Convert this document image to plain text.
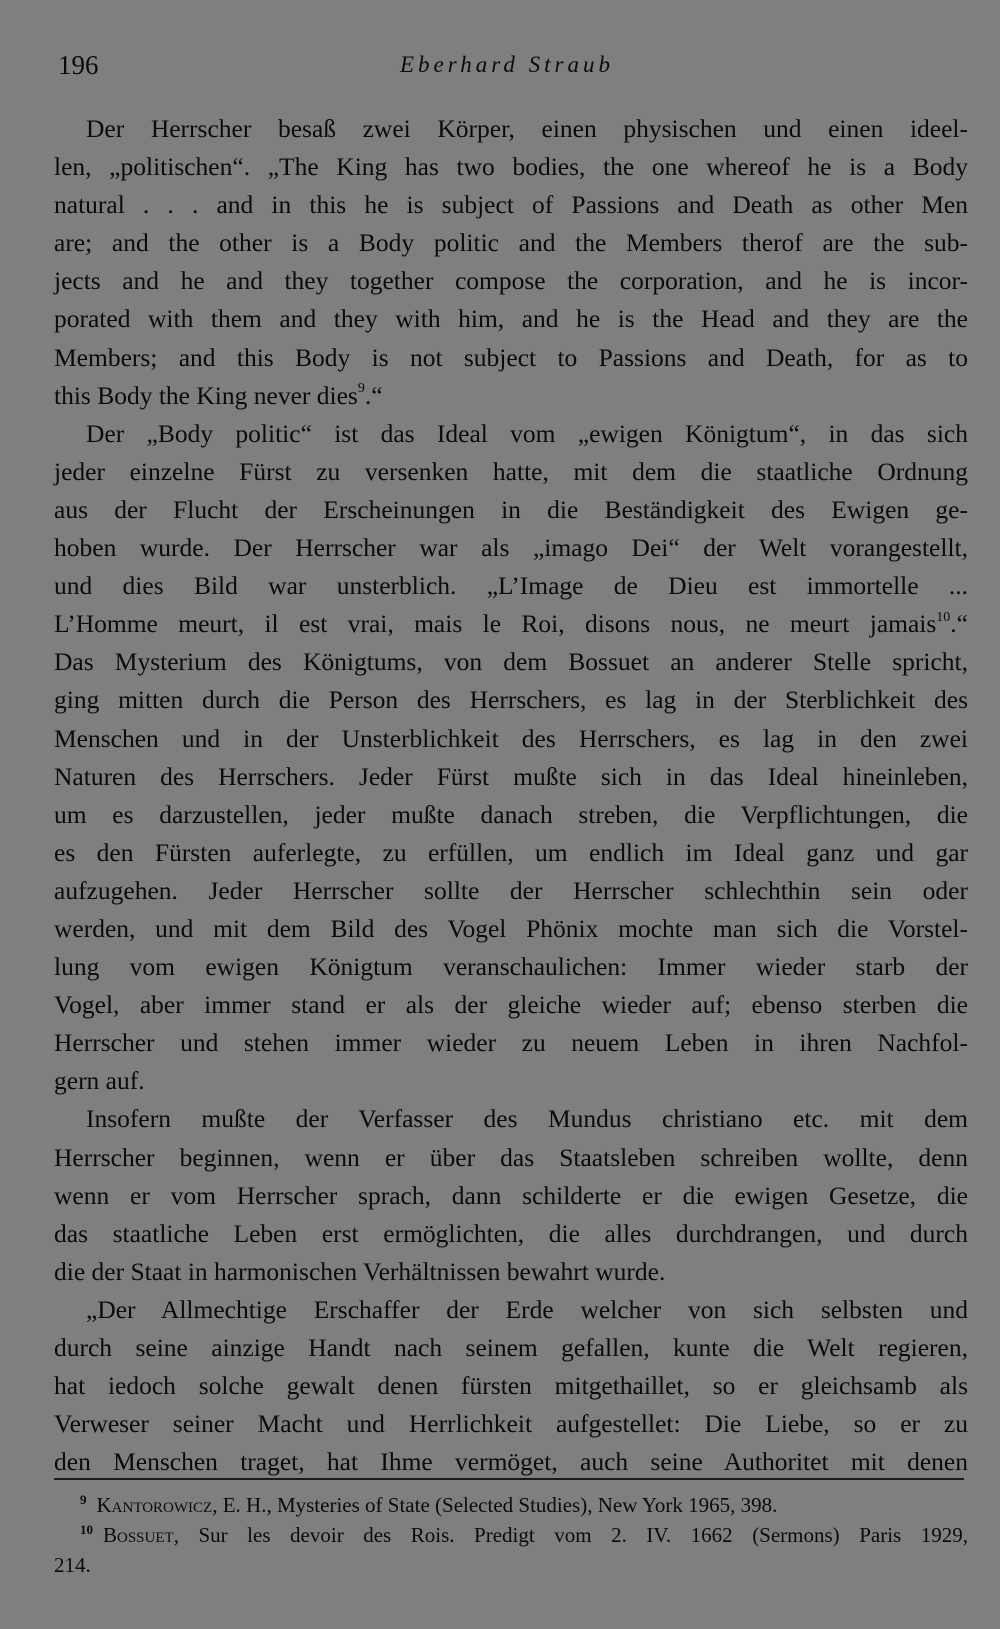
196	Eberhard Straub
Der Herrscher besaß zwei Körper, einen physischen und einen ideel-
len, „politischen“. „The King has two bodies, the one whereof he is a Body
natural . . . and in this he is subject of Passions and Death as other Men
are; and the other is a Body politic and the Members therof are the sub-
jects and he and they together compose the corporation, and he is incor-
porated with them and they with him, and he is the Head and they are the
Members; and this Body is not subject to Passions and Death, for as to
this Body the King never dies$^9$.“
Der „Body politic“ ist das Ideal vom „ewigen Königtum“, in das sich
jeder einzelne Fürst zu versenken hatte, mit dem die staatliche Ordnung
aus der Flucht der Erscheinungen in die Beständigkeit des Ewigen ge-
hoben wurde. Der Herrscher war als „imago Dei“ der Welt vorangestellt,
und dies Bild war unsterblich. „L’Image de Dieu est immortelle ...
L’Homme meurt, il est vrai, mais le Roi, disons nous, ne meurt jamais$^{10}$.“
Das Mysterium des Königtums, von dem Bossuet an anderer Stelle spricht,
ging mitten durch die Person des Herrschers, es lag in der Sterblichkeit des
Menschen und in der Unsterblichkeit des Herrschers, es lag in den zwei
Naturen des Herrschers. Jeder Fürst mußte sich in das Ideal hineinleben,
um es darzustellen, jeder mußte danach streben, die Verpflichtungen, die
es den Fürsten auferlegte, zu erfüllen, um endlich im Ideal ganz und gar
aufzugehen. Jeder Herrscher sollte der Herrscher schlechthin sein oder
werden, und mit dem Bild des Vogel Phönix mochte man sich die Vorstel-
lung vom ewigen Königtum veranschaulichen: Immer wieder starb der
Vogel, aber immer stand er als der gleiche wieder auf; ebenso sterben die
Herrscher und stehen immer wieder zu neuem Leben in ihren Nachfol-
gern auf.
Insofern mußte der Verfasser des Mundus christiano etc. mit dem
Herrscher beginnen, wenn er über das Staatsleben schreiben wollte, denn
wenn er vom Herrscher sprach, dann schilderte er die ewigen Gesetze, die
das staatliche Leben erst ermöglichten, die alles durchdrangen, und durch
die der Staat in harmonischen Verhältnissen bewahrt wurde.
„Der Allmechtige Erschaffer der Erde welcher von sich selbsten und
durch seine ainzige Handt nach seinem gefallen, kunte die Welt regieren,
hat iedoch solche gewalt denen fürsten mitgethaillet, so er gleichsamb als
Verweser seiner Macht und Herrlichkeit aufgestellet: Die Liebe, so er zu
den Menschen traget, hat Ihme vermöget, auch seine Authoritet mit denen
$^9$ Kantorowicz, E. H., Mysteries of State (Selected Studies), New York 1965, 398.
$^{10}$ Bossuet, Sur les devoir des Rois. Predigt vom 2. IV. 1662 (Sermons) Paris 1929,
214.
